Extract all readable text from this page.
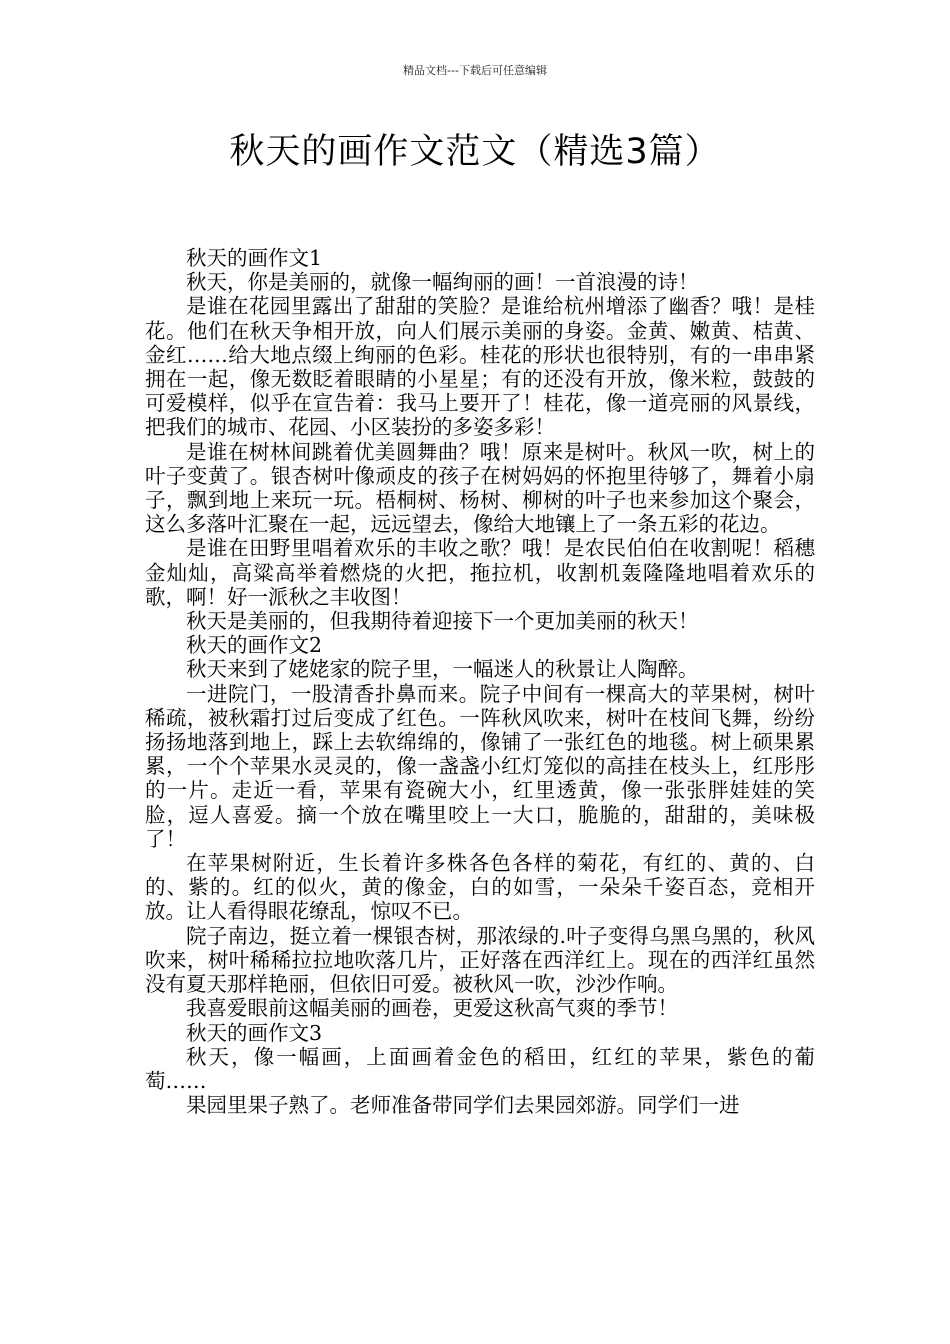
精品文档---下载后可任意编辑
秋天的画作文范文（精选3篇）

秋天的画作文1

秋天，你是美丽的，就像一幅绚丽的画！一首浪漫的诗！

是谁在花园里露出了甜甜的笑脸？是谁给杭州增添了幽香？哦！是桂花。他们在秋天争相开放，向人们展示美丽的身姿。金黄、嫩黄、桔黄、金红……给大地点缀上绚丽的色彩。桂花的形状也很特别，有的一串串紧拥在一起，像无数眨着眼睛的小星星；有的还没有开放，像米粒，鼓鼓的可爱模样，似乎在宣告着：我马上要开了！桂花，像一道亮丽的风景线，把我们的城市、花园、小区装扮的多姿多彩！

是谁在树林间跳着优美圆舞曲？哦！原来是树叶。秋风一吹，树上的叶子变黄了。银杏树叶像顽皮的孩子在树妈妈的怀抱里待够了，舞着小扇子，飘到地上来玩一玩。梧桐树、杨树、柳树的叶子也来参加这个聚会，这么多落叶汇聚在一起，远远望去，像给大地镶上了一条五彩的花边。

是谁在田野里唱着欢乐的丰收之歌？哦！是农民伯伯在收割呢！稻穗金灿灿，高粱高举着燃烧的火把，拖拉机，收割机轰隆隆地唱着欢乐的歌，啊！好一派秋之丰收图！

秋天是美丽的，但我期待着迎接下一个更加美丽的秋天！

秋天的画作文2

秋天来到了姥姥家的院子里，一幅迷人的秋景让人陶醉。

一进院门，一股清香扑鼻而来。院子中间有一棵高大的苹果树，树叶稀疏，被秋霜打过后变成了红色。一阵秋风吹来，树叶在枝间飞舞，纷纷扬扬地落到地上，踩上去软绵绵的，像铺了一张红色的地毯。树上硕果累累，一个个苹果水灵灵的，像一盏盏小红灯笼似的高挂在枝头上，红彤彤的一片。走近一看，苹果有瓷碗大小，红里透黄，像一张张胖娃娃的笑脸，逗人喜爱。摘一个放在嘴里咬上一大口，脆脆的，甜甜的，美味极了！

在苹果树附近，生长着许多株各色各样的菊花，有红的、黄的、白的、紫的。红的似火，黄的像金，白的如雪，一朵朵千姿百态，竞相开放。让人看得眼花缭乱，惊叹不已。

院子南边，挺立着一棵银杏树，那浓绿的.叶子变得乌黑乌黑的，秋风吹来，树叶稀稀拉拉地吹落几片，正好落在西洋红上。现在的西洋红虽然没有夏天那样艳丽，但依旧可爱。被秋风一吹，沙沙作响。

我喜爱眼前这幅美丽的画卷，更爱这秋高气爽的季节！

秋天的画作文3

秋天，像一幅画，上面画着金色的稻田，红红的苹果，紫色的葡萄……

果园里果子熟了。老师准备带同学们去果园郊游。同学们一进
